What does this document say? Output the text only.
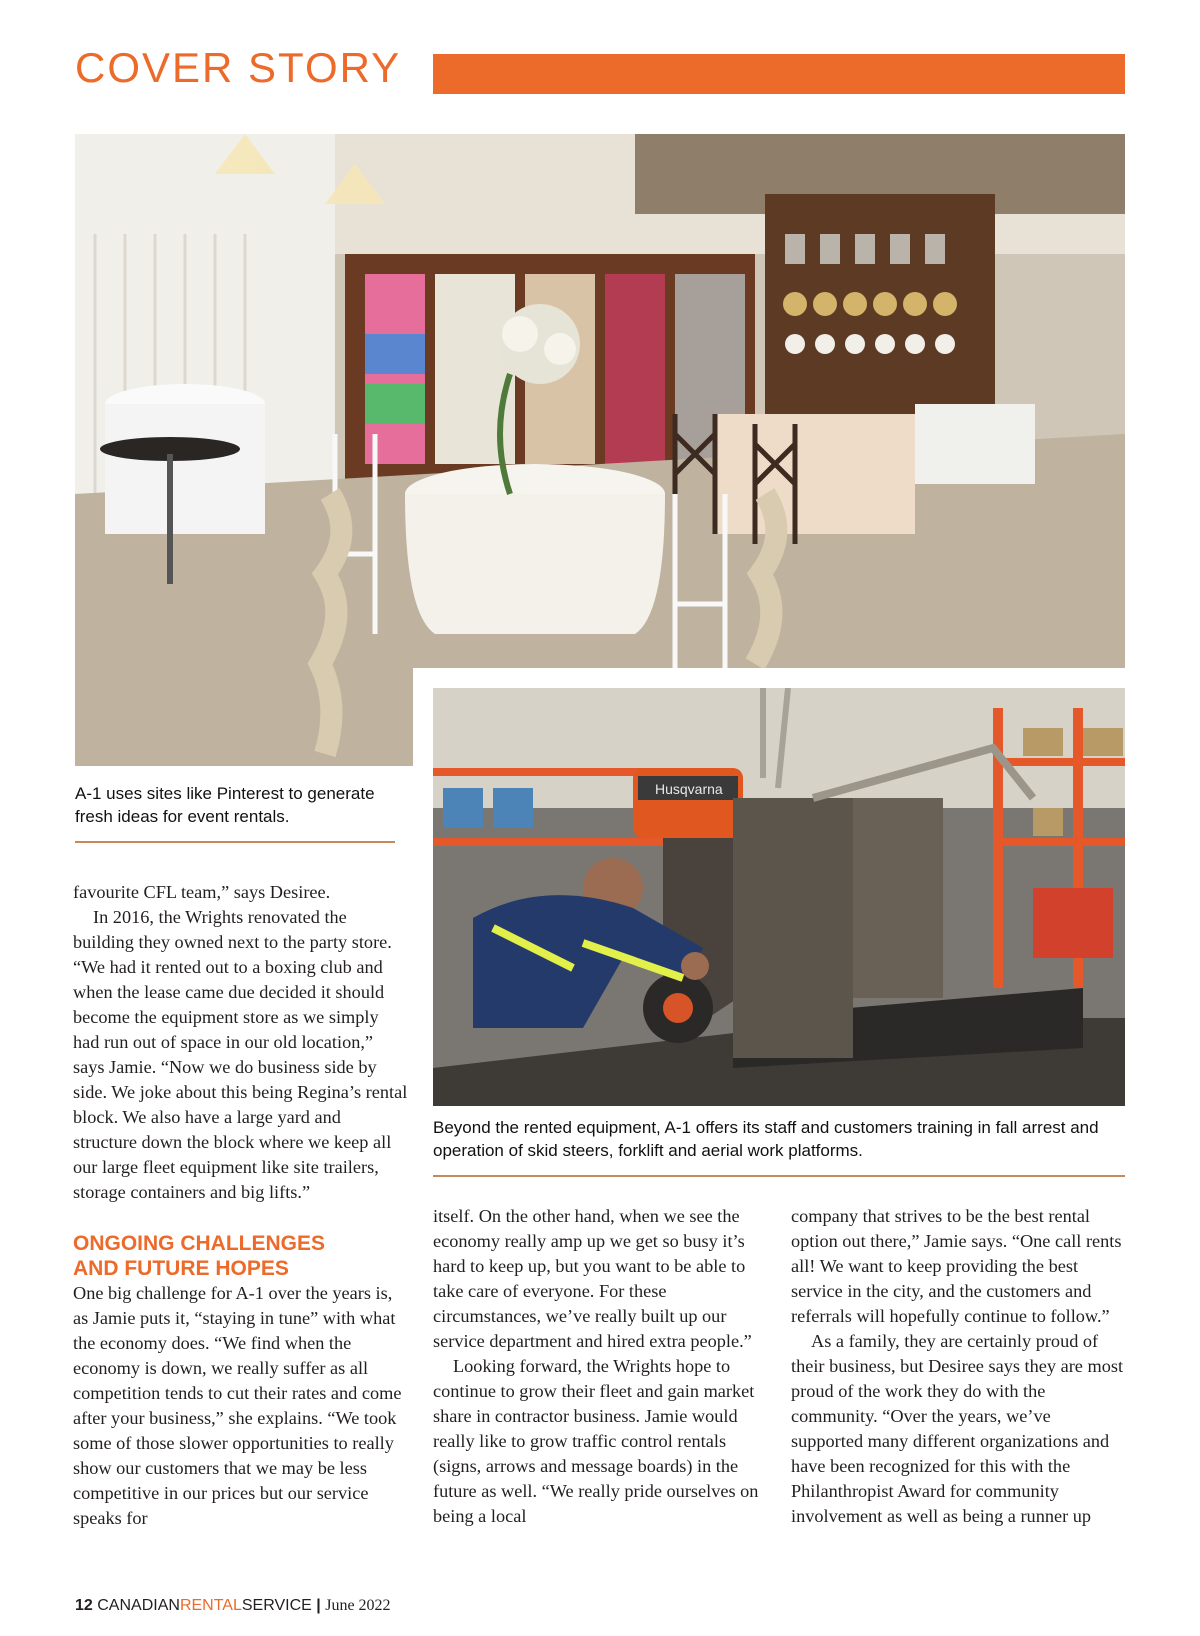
COVER STORY
Husqvarna

A-1 uses sites like Pinterest to generate fresh ideas for event rentals.

Beyond the rented equipment, A-1 offers its staff and customers training in fall arrest and operation of skid steers, forklift and aerial work platforms.

favourite CFL team,” says Desiree.

In 2016, the Wrights renovated the building they owned next to the party store. “We had it rented out to a boxing club and when the lease came due decided it should become the equipment store as we simply had run out of space in our old location,” says Jamie. “Now we do business side by side. We joke about this being Regina’s rental block. We also have a large yard and structure down the block where we keep all our large fleet equipment like site trailers, storage containers and big lifts.”

ONGOING CHALLENGES
AND FUTURE HOPES

One big challenge for A-1 over the years is, as Jamie puts it, “staying in tune” with what the economy does. “We find when the economy is down, we really suffer as all competition tends to cut their rates and come after your business,” she explains. “We took some of those slower opportunities to really show our customers that we may be less competitive in our prices but our service speaks for

itself. On the other hand, when we see the economy really amp up we get so busy it’s hard to keep up, but you want to be able to take care of everyone. For these circumstances, we’ve really built up our service department and hired extra people.”

Looking forward, the Wrights hope to continue to grow their fleet and gain market share in contractor business. Jamie would really like to grow traffic control rentals (signs, arrows and message boards) in the future as well. “We really pride ourselves on being a local

company that strives to be the best rental option out there,” Jamie says. “One call rents all! We want to keep providing the best service in the city, and the customers and referrals will hopefully continue to follow.”

As a family, they are certainly proud of their business, but Desiree says they are most proud of the work they do with the community. “Over the years, we’ve supported many different organizations and have been recognized for this with the Philanthropist Award for community involvement as well as being a runner up

12 CANADIANRENTALSERVICE | June 2022
